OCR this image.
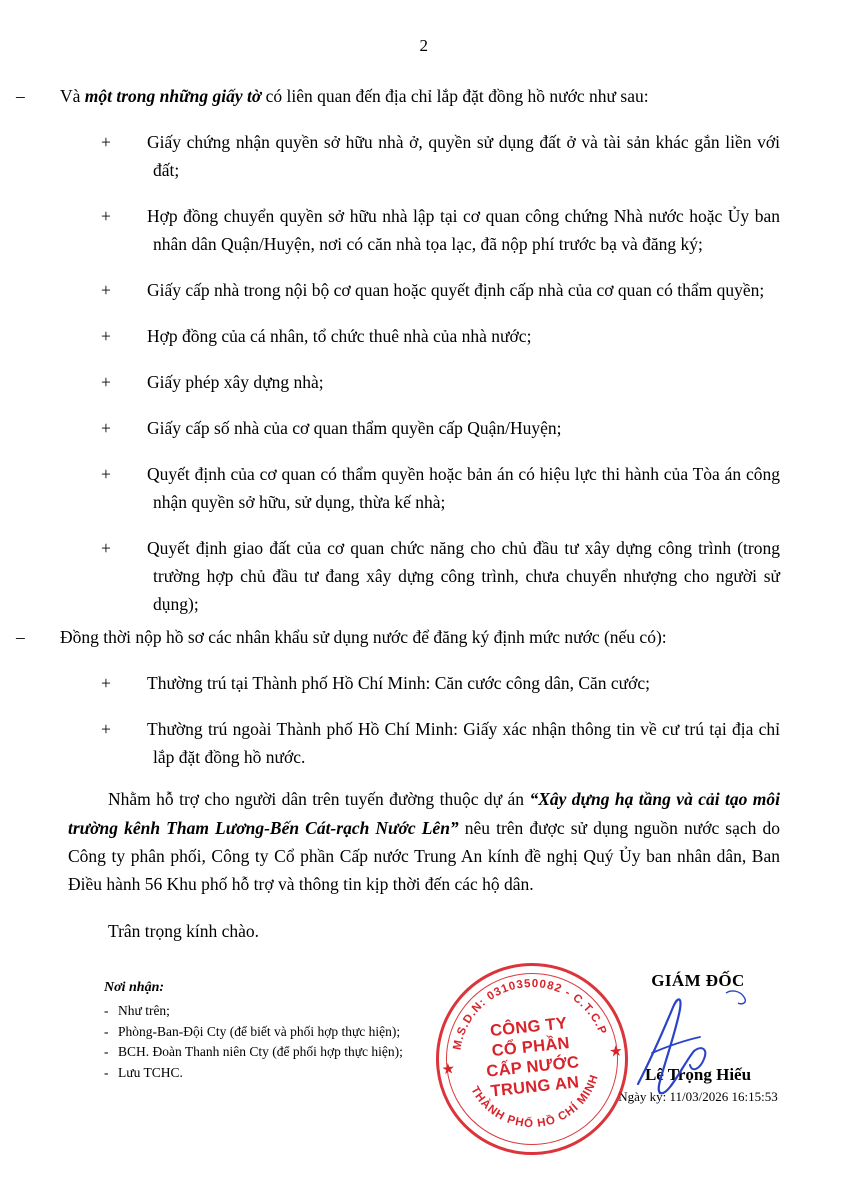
2

– Và một trong những giấy tờ có liên quan đến địa chỉ lắp đặt đồng hồ nước như sau:

+ Giấy chứng nhận quyền sở hữu nhà ở, quyền sử dụng đất ở và tài sản khác gắn liền với đất;

+ Hợp đồng chuyển quyền sở hữu nhà lập tại cơ quan công chứng Nhà nước hoặc Ủy ban nhân dân Quận/Huyện, nơi có căn nhà tọa lạc, đã nộp phí trước bạ và đăng ký;

+ Giấy cấp nhà trong nội bộ cơ quan hoặc quyết định cấp nhà của cơ quan có thẩm quyền;

+ Hợp đồng của cá nhân, tổ chức thuê nhà của nhà nước;

+ Giấy phép xây dựng nhà;

+ Giấy cấp số nhà của cơ quan thẩm quyền cấp Quận/Huyện;

+ Quyết định của cơ quan có thẩm quyền hoặc bản án có hiệu lực thi hành của Tòa án công nhận quyền sở hữu, sử dụng, thừa kế nhà;

+ Quyết định giao đất của cơ quan chức năng cho chủ đầu tư xây dựng công trình (trong trường hợp chủ đầu tư đang xây dựng công trình, chưa chuyển nhượng cho người sử dụng);

– Đồng thời nộp hồ sơ các nhân khẩu sử dụng nước để đăng ký định mức nước (nếu có):

+ Thường trú tại Thành phố Hồ Chí Minh: Căn cước công dân, Căn cước;

+ Thường trú ngoài Thành phố Hồ Chí Minh: Giấy xác nhận thông tin về cư trú tại địa chỉ lắp đặt đồng hồ nước.

Nhằm hỗ trợ cho người dân trên tuyến đường thuộc dự án “Xây dựng hạ tầng và cải tạo môi trường kênh Tham Lương-Bến Cát-rạch Nước Lên” nêu trên được sử dụng nguồn nước sạch do Công ty phân phối, Công ty Cổ phần Cấp nước Trung An kính đề nghị Quý Ủy ban nhân dân, Ban Điều hành 56 Khu phố hỗ trợ và thông tin kịp thời đến các hộ dân.

Trân trọng kính chào.

Nơi nhận:
- Như trên;
- Phòng-Ban-Đội Cty (để biết và phối hợp thực hiện);
- BCH. Đoàn Thanh niên Cty (để phối hợp thực hiện);
- Lưu TCHC.
GIÁM ĐỐC
Lê Trọng Hiếu
Ngày ký: 11/03/2026 16:15:53
★
★
M.S.D.N: 0310350082 - C.T.C.P
THÀNH PHỐ HỒ CHÍ MINH
CÔNG TY
CỔ PHẦN
CẤP NƯỚC
TRUNG AN
